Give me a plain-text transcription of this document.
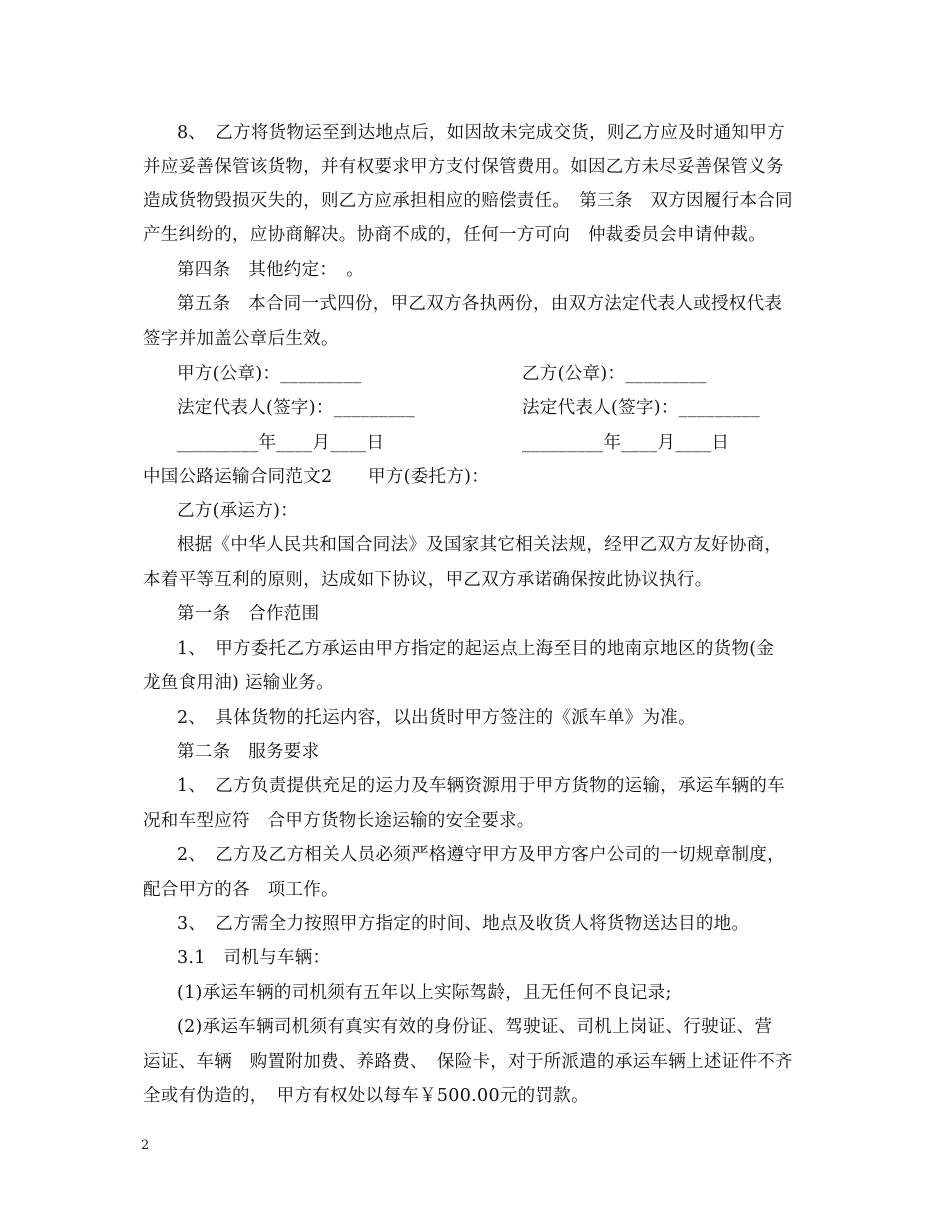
8、　乙方将货物运至到达地点后，如因故未完成交货，则乙方应及时通知甲方
并应妥善保管该货物，并有权要求甲方支付保管费用。如因乙方未尽妥善保管义务
造成货物毁损灭失的，则乙方应承担相应的赔偿责任。　第三条　双方因履行本合同
产生纠纷的，应协商解决。协商不成的，任何一方可向　仲裁委员会申请仲裁。
第四条　其他约定：　。
第五条　本合同一式四份，甲乙双方各执两份，由双方法定代表人或授权代表
签字并加盖公章后生效。
甲方(公章)：_________	乙方(公章)：_________
法定代表人(签字)：_________	法定代表人(签字)：_________
_________年____月____日	_________年____月____日
中国公路运输合同范文2　　甲方(委托方)：
乙方(承运方)：
根据《中华人民共和国合同法》及国家其它相关法规，经甲乙双方友好协商，
本着平等互利的原则，达成如下协议，甲乙双方承诺确保按此协议执行。
第一条　合作范围
1、　甲方委托乙方承运由甲方指定的起运点上海至目的地南京地区的货物(金
龙鱼食用油) 运输业务。
2、　具体货物的托运内容，以出货时甲方签注的《派车单》为准。
第二条　服务要求
1、　乙方负责提供充足的运力及车辆资源用于甲方货物的运输，承运车辆的车
况和车型应符　合甲方货物长途运输的安全要求。
2、　乙方及乙方相关人员必须严格遵守甲方及甲方客户公司的一切规章制度，
配合甲方的各　项工作。
3、　乙方需全力按照甲方指定的时间、地点及收货人将货物送达目的地。
3.1　司机与车辆：
(1)承运车辆的司机须有五年以上实际驾龄，且无任何不良记录;
(2)承运车辆司机须有真实有效的身份证、驾驶证、司机上岗证、行驶证、营
运证、车辆　购置附加费、养路费、　保险卡，对于所派遣的承运车辆上述证件不齐
全或有伪造的，　甲方有权处以每车￥500.00元的罚款。
2
